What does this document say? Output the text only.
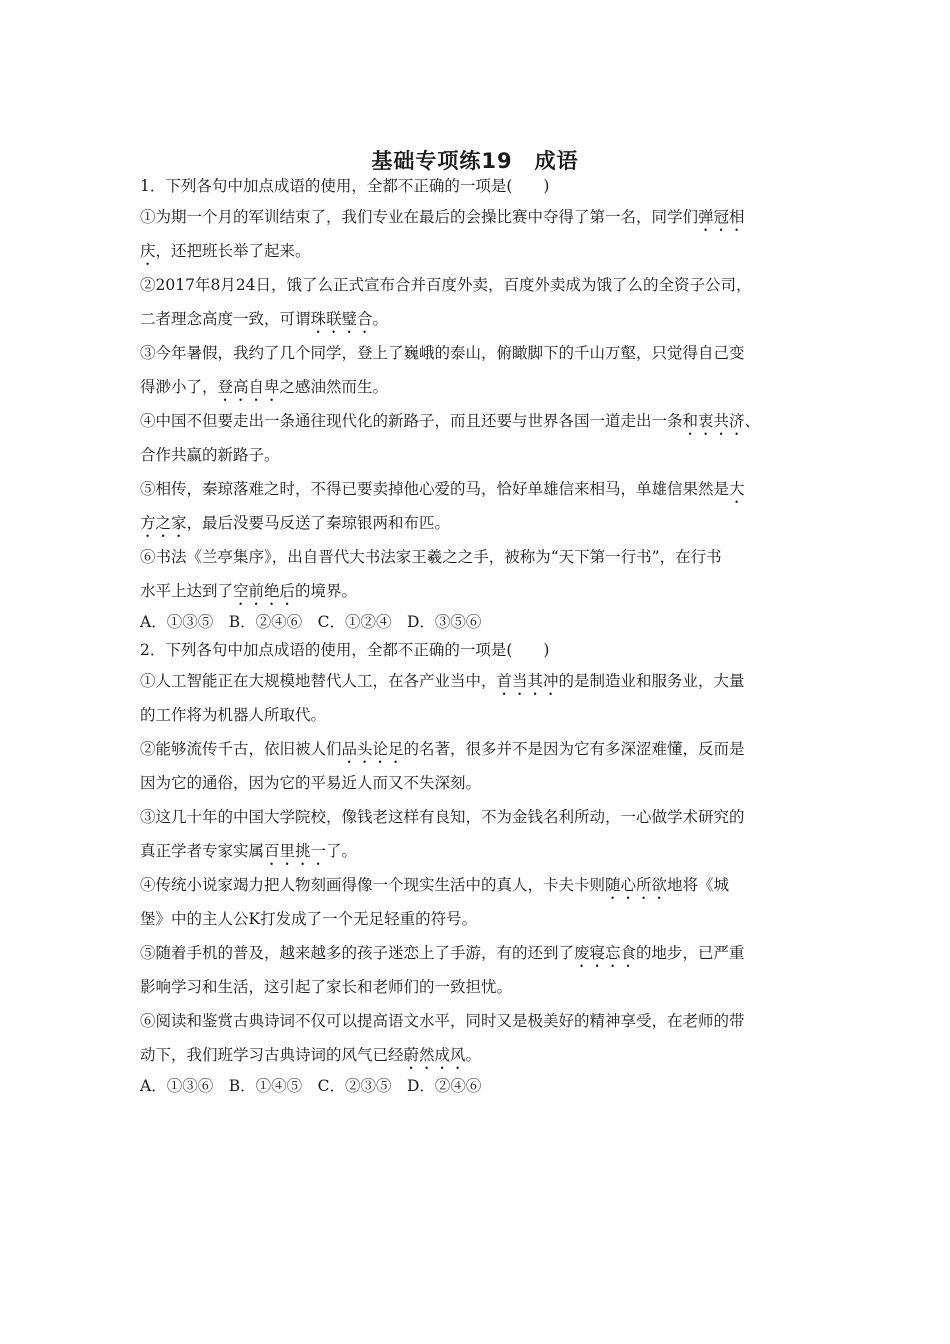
基础专项练19　成语
1．下列各句中加点成语的使用，全都不正确的一项是(　　)
①为期一个月的军训结束了，我们专业在最后的会操比赛中夺得了第一名，同学们弹冠相
庆，还把班长举了起来。
②2017年8月24日，饿了么正式宣布合并百度外卖，百度外卖成为饿了么的全资子公司，
二者理念高度一致，可谓珠联璧合。
③今年暑假，我约了几个同学，登上了巍峨的泰山，俯瞰脚下的千山万壑，只觉得自己变
得渺小了，登高自卑之感油然而生。
④中国不但要走出一条通往现代化的新路子，而且还要与世界各国一道走出一条和衷共济、
合作共赢的新路子。
⑤相传，秦琼落难之时，不得已要卖掉他心爱的马，恰好单雄信来相马，单雄信果然是大
方之家，最后没要马反送了秦琼银两和布匹。
⑥书法《兰亭集序》，出自晋代大书法家王羲之之手，被称为“天下第一行书”，在行书
水平上达到了空前绝后的境界。
A．①③⑤　B．②④⑥　C．①②④　D．③⑤⑥
2．下列各句中加点成语的使用，全都不正确的一项是(　　)
①人工智能正在大规模地替代人工，在各产业当中，首当其冲的是制造业和服务业，大量
的工作将为机器人所取代。
②能够流传千古，依旧被人们品头论足的名著，很多并不是因为它有多深涩难懂，反而是
因为它的通俗，因为它的平易近人而又不失深刻。
③这几十年的中国大学院校，像钱老这样有良知，不为金钱名利所动，一心做学术研究的
真正学者专家实属百里挑一了。
④传统小说家竭力把人物刻画得像一个现实生活中的真人，卡夫卡则随心所欲地将《城
堡》中的主人公K打发成了一个无足轻重的符号。
⑤随着手机的普及，越来越多的孩子迷恋上了手游，有的还到了废寝忘食的地步，已严重
影响学习和生活，这引起了家长和老师们的一致担忧。
⑥阅读和鉴赏古典诗词不仅可以提高语文水平，同时又是极美好的精神享受，在老师的带
动下，我们班学习古典诗词的风气已经蔚然成风。
A．①③⑥　B．①④⑤　C．②③⑤　D．②④⑥
